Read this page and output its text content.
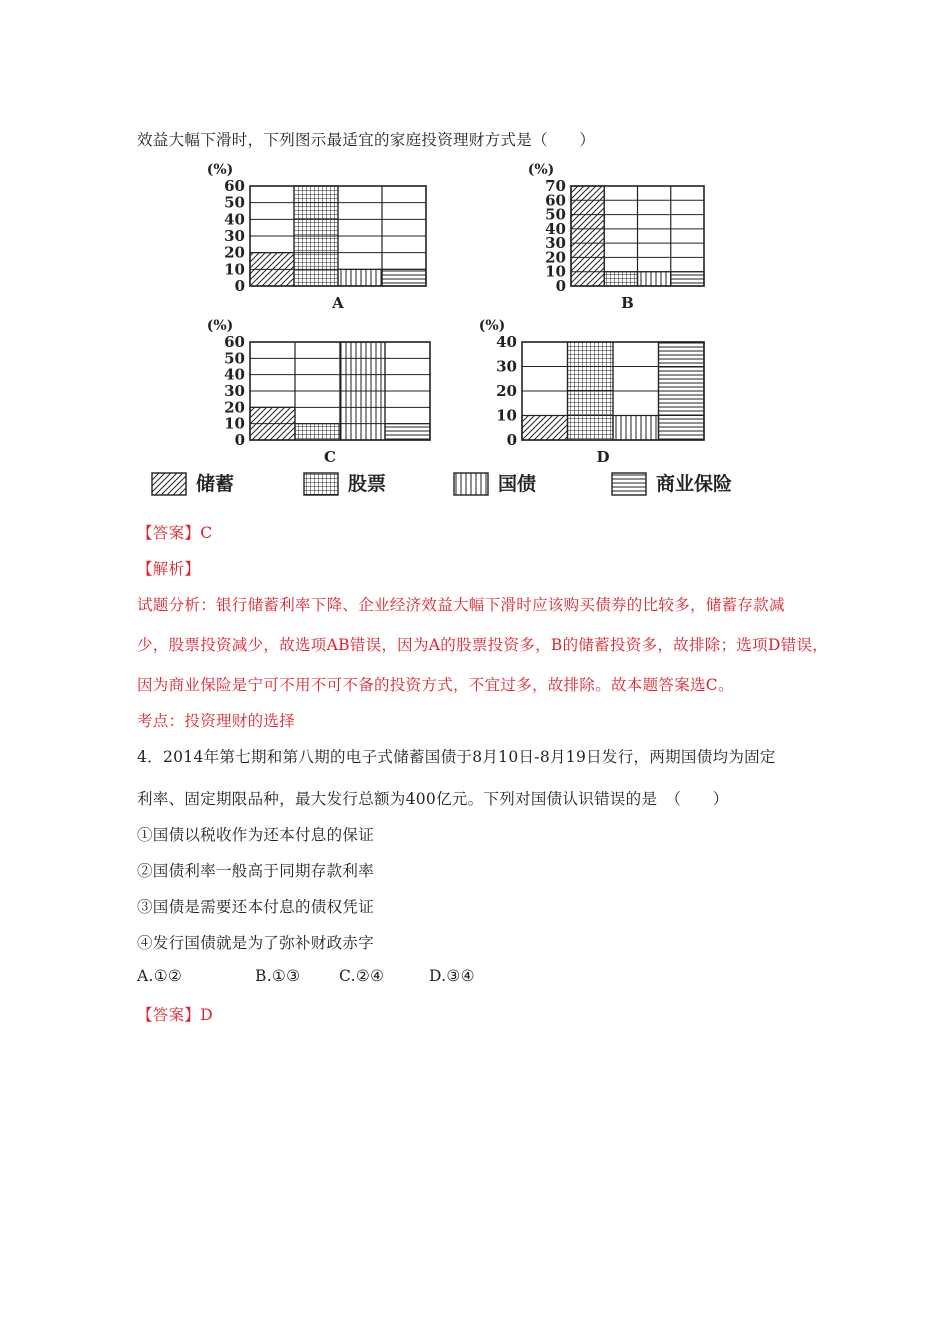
效益大幅下滑时，下列图示最适宜的家庭投资理财方式是（　　）
0
10
20
30
40
50
60
(%)
A
0
10
20
30
40
50
60
70
(%)
B
0
10
20
30
40
50
60
(%)
C
0
10
20
30
40
(%)
D
储蓄	股票	国债	商业保险
【答案】C
【解析】
试题分析：银行储蓄利率下降、企业经济效益大幅下滑时应该购买债券的比较多，储蓄存款减
少，股票投资减少，故选项AB错误，因为A的股票投资多，B的储蓄投资多，故排除；选项D错误，
因为商业保险是宁可不用不可不备的投资方式，不宜过多，故排除。故本题答案选C。
考点：投资理财的选择
4．2014年第七期和第八期的电子式储蓄国债于8月10日-8月19日发行，两期国债均为固定
利率、固定期限品种，最大发行总额为400亿元。下列对国债认识错误的是　（　　）
①国债以税收作为还本付息的保证
②国债利率一般高于同期存款利率
③国债是需要还本付息的债权凭证
④发行国债就是为了弥补财政赤字
A.①②	B.①③ C.②④	D.③④
【答案】D
